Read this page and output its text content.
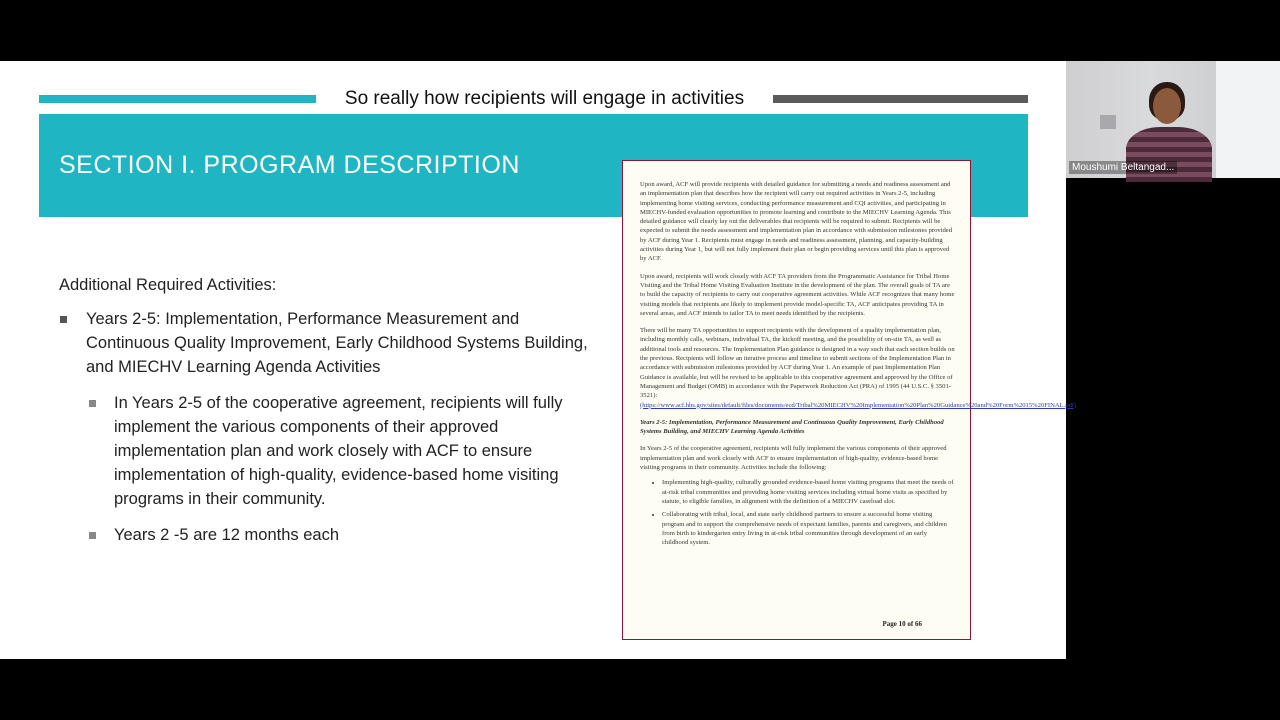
So really how recipients will engage in activities
SECTION I. PROGRAM DESCRIPTION

Additional Required Activities:

Years 2-5: Implementation, Performance Measurement and Continuous Quality Improvement, Early Childhood Systems Building, and MIECHV Learning Agenda Activities
In Years 2-5 of the cooperative agreement, recipients will fully implement the various components of their approved implementation plan and work closely with ACF to ensure implementation of high-quality, evidence-based home visiting programs in their community.
Years 2 -5 are 12 months each

Upon award, ACF will provide recipients with detailed guidance for submitting a needs and readiness assessment and an implementation plan that describes how the recipient will carry out required activities in Years 2-5, including implementing home visiting services, conducting performance measurement and CQI activities, and participating in MIECHV-funded evaluation opportunities to promote learning and contribute to the MIECHV Learning Agenda. This detailed guidance will clearly lay out the deliverables that recipients will be required to submit. Recipients will be expected to submit the needs assessment and implementation plan in accordance with submission milestones provided by ACF during Year 1. Recipients must engage in needs and readiness assessment, planning, and capacity-building activities during Year 1, but will not fully implement their plan or begin providing services until this plan is approved by ACF.

Upon award, recipients will work closely with ACF TA providers from the Programmatic Assistance for Tribal Home Visiting and the Tribal Home Visiting Evaluation Institute in the development of the plan. The overall goals of TA are to build the capacity of recipients to carry out cooperative agreement activities. While ACF recognizes that many home visiting models that recipients are likely to implement provide model-specific TA, ACF anticipates providing TA in several areas, and ACF intends to tailor TA to meet needs identified by the recipients.

There will be many TA opportunities to support recipients with the development of a quality implementation plan, including monthly calls, webinars, individual TA, the kickoff meeting, and the possibility of on-site TA, as well as additional tools and resources. The Implementation Plan guidance is designed in a way such that each section builds on the previous. Recipients will follow an iterative process and timeline to submit sections of the Implementation Plan in accordance with submission milestones provided by ACF during Year 1. An example of past Implementation Plan Guidance is available, but will be revised to be applicable to this cooperative agreement and approved by the Office of Management and Budget (OMB) in accordance with the Paperwork Reduction Act (PRA) of 1995 (44 U.S.C. § 3501-3521):

(https://www.acf.hhs.gov/sites/default/files/documents/ecd/Tribal%20MIECHV%20Implementation%20Plan%20Guidance%20and%20Form%2015%20FINAL.pdf)

Years 2-5: Implementation, Performance Measurement and Continuous Quality Improvement, Early Childhood Systems Building, and MIECHV Learning Agenda Activities

In Years 2-5 of the cooperative agreement, recipients will fully implement the various components of their approved implementation plan and work closely with ACF to ensure implementation of high-quality, evidence-based home visiting programs in their community. Activities include the following:

• Implementing high-quality, culturally grounded evidence-based home visiting programs that meet the needs of at-risk tribal communities and providing home visiting services including virtual home visits as specified by statute, to eligible families, in alignment with the definition of a MIECHV caseload slot.
• Collaborating with tribal, local, and state early childhood partners to ensure a successful home visiting program and to support the comprehensive needs of expectant families, parents and caregivers, and children from birth to kindergarten entry living in at-risk tribal communities through development of an early childhood system.
Page 10 of 66
Moushumi Beltangad...
